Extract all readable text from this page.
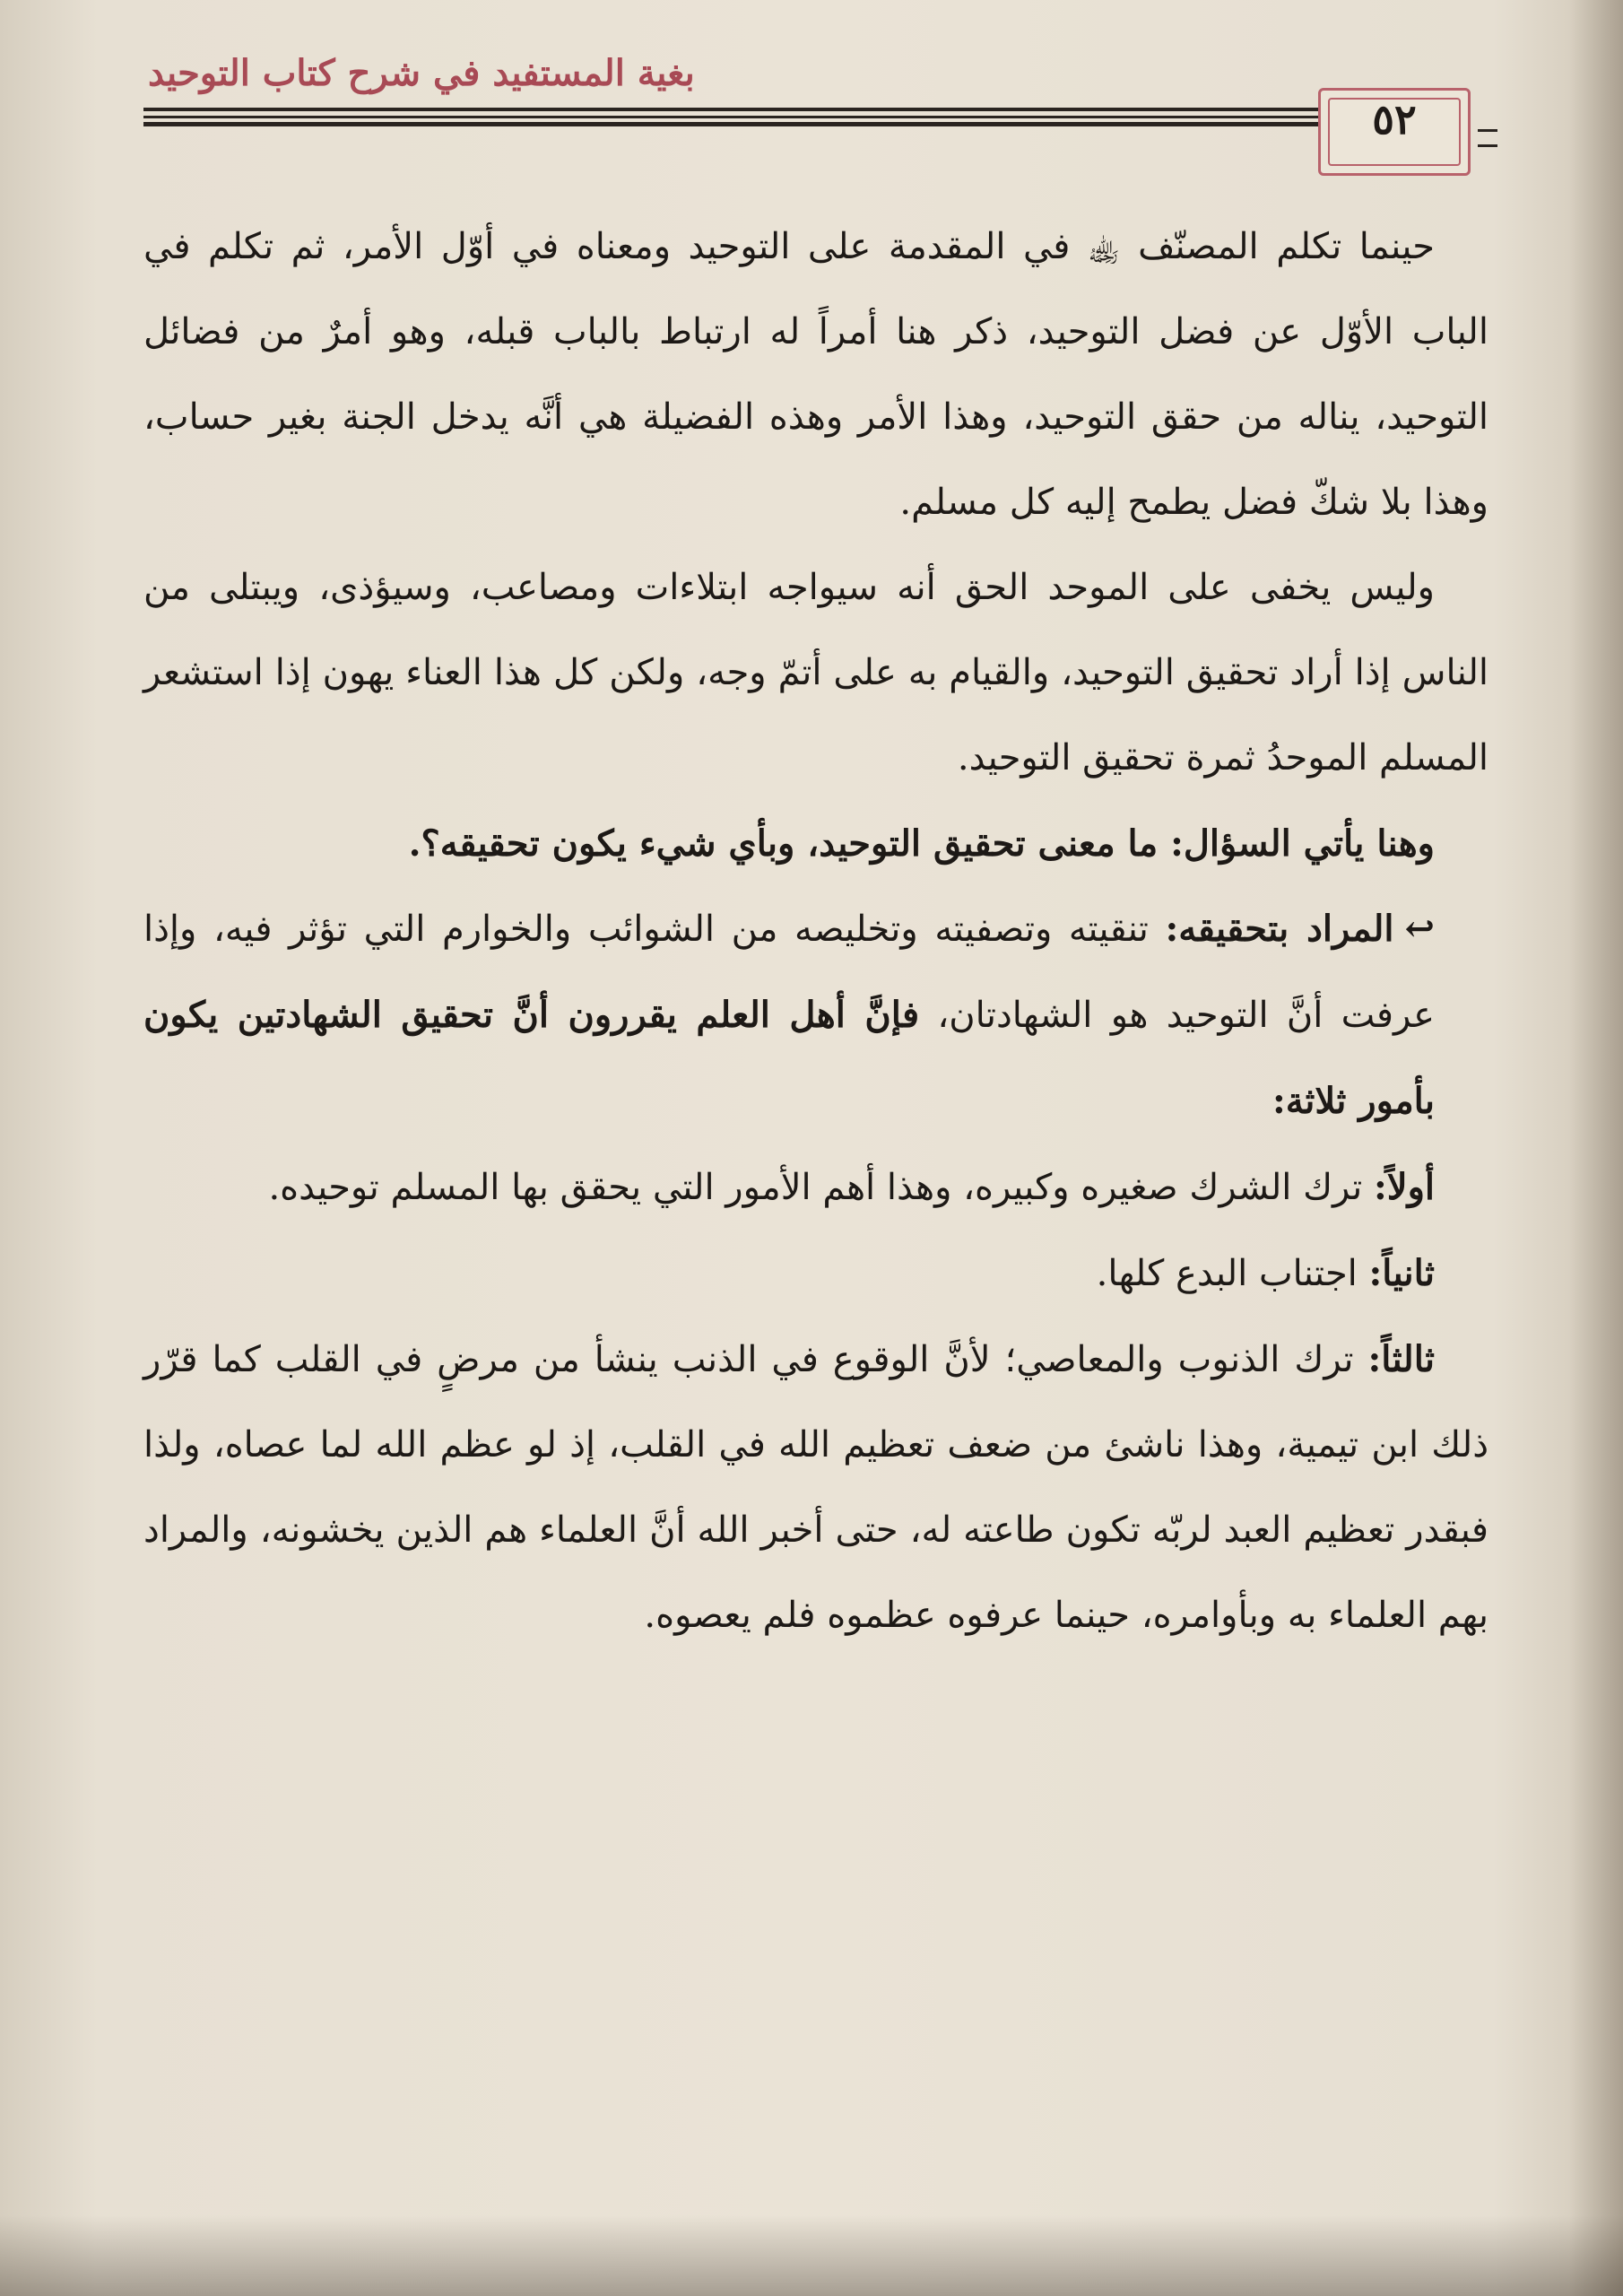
بغية المستفيد في شرح كتاب التوحيد
٥٢

حينما تكلم المصنّف ﵀ في المقدمة على التوحيد ومعناه في أوّل الأمر، ثم تكلم في الباب الأوّل عن فضل التوحيد، ذكر هنا أمراً له ارتباط بالباب قبله، وهو أمرٌ من فضائل التوحيد، يناله من حقق التوحيد، وهذا الأمر وهذه الفضيلة هي أنَّه يدخل الجنة بغير حساب، وهذا بلا شكّ فضل يطمح إليه كل مسلم.

وليس يخفى على الموحد الحق أنه سيواجه ابتلاءات ومصاعب، وسيؤذى، ويبتلى من الناس إذا أراد تحقيق التوحيد، والقيام به على أتمّ وجه، ولكن كل هذا العناء يهون إذا استشعر المسلم الموحدُ ثمرة تحقيق التوحيد.

وهنا يأتي السؤال: ما معنى تحقيق التوحيد، وبأي شيء يكون تحقيقه؟.

↩المراد بتحقيقه: تنقيته وتصفيته وتخليصه من الشوائب والخوارم التي تؤثر فيه، وإذا عرفت أنَّ التوحيد هو الشهادتان، فإنَّ أهل العلم يقررون أنَّ تحقيق الشهادتين يكون بأمور ثلاثة:

أولاً: ترك الشرك صغيره وكبيره، وهذا أهم الأمور التي يحقق بها المسلم توحيده.

ثانياً: اجتناب البدع كلها.

ثالثاً: ترك الذنوب والمعاصي؛ لأنَّ الوقوع في الذنب ينشأ من مرضٍ في القلب كما قرّر ذلك ابن تيمية، وهذا ناشئ من ضعف تعظيم الله في القلب، إذ لو عظم الله لما عصاه، ولذا فبقدر تعظيم العبد لربّه تكون طاعته له، حتى أخبر الله أنَّ العلماء هم الذين يخشونه، والمراد بهم العلماء به وبأوامره، حينما عرفوه عظموه فلم يعصوه.
